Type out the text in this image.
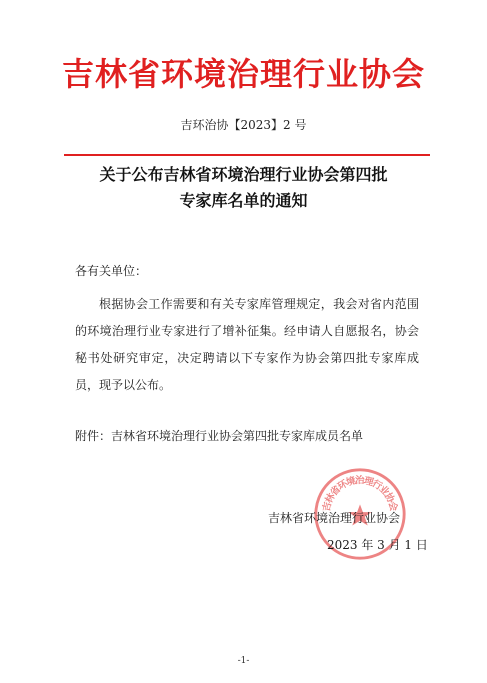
吉林省环境治理行业协会
吉环治协【2023】2 号
关于公布吉林省环境治理行业协会第四批
专家库名单的通知
各有关单位：
根据协会工作需要和有关专家库管理规定，我会对省内范围的环境治理行业专家进行了增补征集。经申请人自愿报名，协会秘书处研究审定，决定聘请以下专家作为协会第四批专家库成员，现予以公布。
附件：吉林省环境治理行业协会第四批专家库成员名单
吉林省环境治理行业协会
吉林省环境治理行业协会
2023 年 3 月 1 日
-1-
